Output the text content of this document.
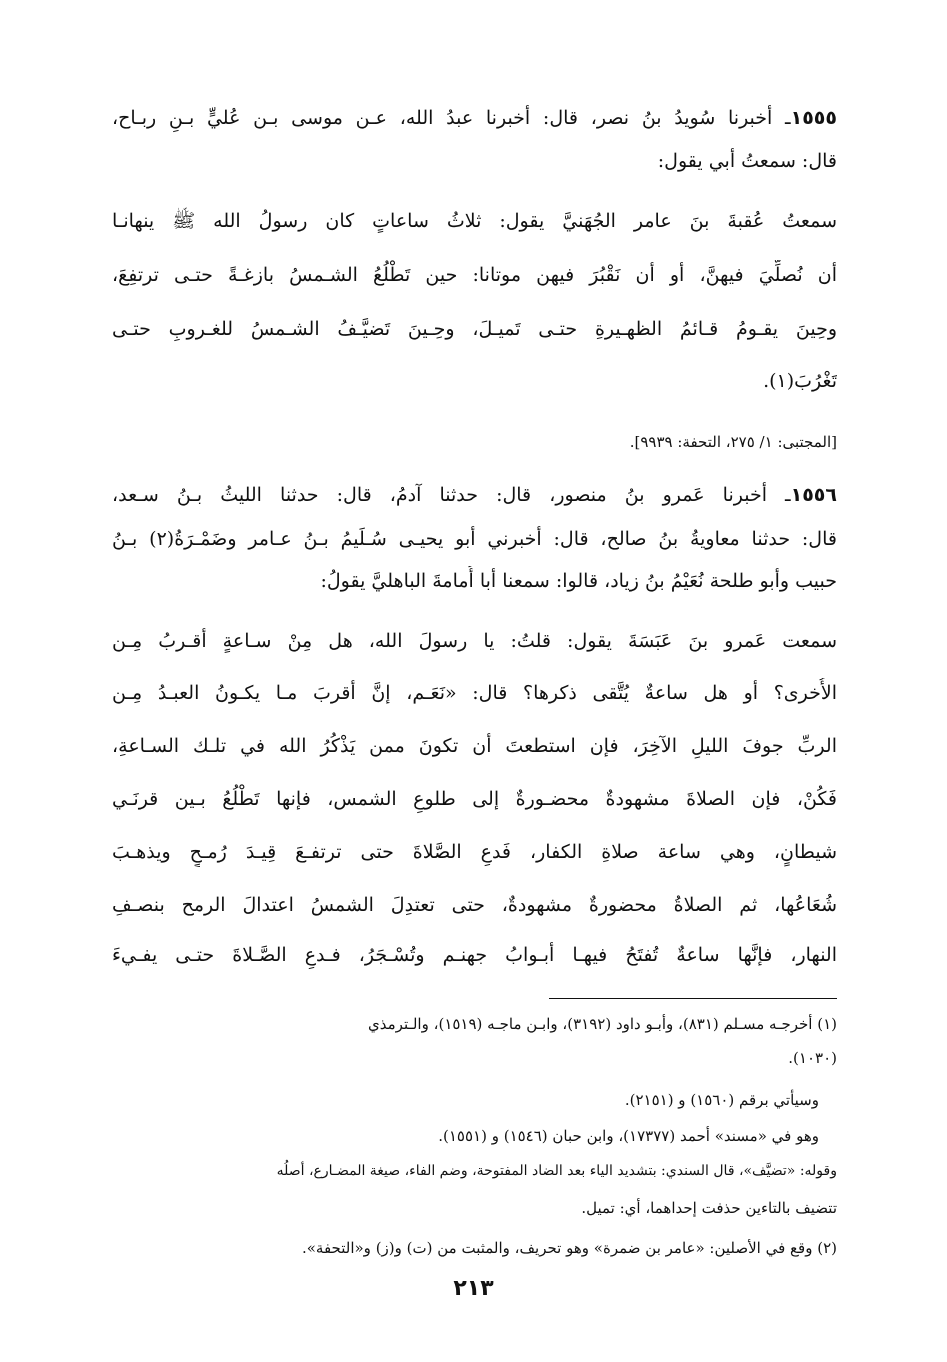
١٥٥٥ـ أخبرنا سُويدُ بنُ نصر، قال: أخبرنا عبدُ الله، عـن موسى بـن عُليٍّ بـنِ ربـاح،
قال: سمعتُ أبي يقول:
سمعتُ عُقبةَ بنَ عامر الجُهَنيَّ يقول: ثلاثُ ساعاتٍ كان رسولُ الله ﷺ ينهانـا
أن نُصلِّيَ فيهنَّ، أو أن نَقْبُرَ فيهن موتانا: حين تَطْلُعُ الشـمسُ بازغـةً حتـى ترتفِعَ،
وحِينَ يقـومُ قـائمُ الظهـيرةِ حتـى تَميـلَ، وحِـينَ تَضيَّـفُ الشـمسُ للغـروبِ حتـى
تَغْرُبَ(١).
[المجتبى: ١/ ٢٧٥، التحفة: ٩٩٣٩].
١٥٥٦ـ أخبرنا عَمرو بنُ منصور، قال: حدثنا آدمُ، قال: حدثنا الليثُ بـنُ سـعد،
قال: حدثنا معاويةُ بنُ صالح، قال: أخبرني أبو يحيـى سُـلَيمُ بـنُ عـامر وضَمْـرَةُ(٢) بـنُ
حبيب وأبو طلحة نُعَيْمُ بنُ زياد، قالوا: سمعنا أبا أُمامةَ الباهليَّ يقولُ:
سمعت عَمرو بنَ عَبَسَةَ يقول: قلتُ: يا رسولَ الله، هل مِنْ سـاعةٍ أقـربُ مِـن
الأُخرى؟ أو هل ساعةٌ يُتَّقى ذكرها؟ قال: «نَعَـم، إنَّ أقربَ مـا يكـونُ العبـدُ مِـن
الربِّ جوفَ الليلِ الآخِرَ، فإن استطعتَ أن تكونَ ممن يَذْكُرُ الله في تلـك السـاعةِ،
فَكُنْ، فإن الصلاةَ مشهودةٌ محضـورةٌ إلى طلوعِ الشمس، فإنها تَطْلُعُ بـين قرنَـي
شيطانٍ، وهي ساعة صلاةِ الكفار، فَدعِ الصَّلاةَ حتى ترتفـعَ قِيـدَ رُمـحٍ ويذهـبَ
شُعَاعُها، ثم الصلاةُ محضورةٌ مشهودةٌ، حتى تعتدِلَ الشمسُ اعتدالَ الرمح بنصـفِ
النهار، فإنَّها ساعةٌ تُفتَحُ فيهـا أبـوابُ جهنـم وتُسْـجَرُ، فـدعِ الصَّـلاةَ حتـى يفـيءَ
(١) أخرجـه مسـلم (٨٣١)، وأبـو داود (٣١٩٢)، وابـن ماجـه (١٥١٩)، والـترمذي
(١٠٣٠).
وسيأتي برقم (١٥٦٠) و (٢١٥١).
وهو في «مسند» أحمد (١٧٣٧٧)، وابن حبان (١٥٤٦) و (١٥٥١).
وقوله: «تضيَّف»، قال السندي: بتشديد الياء بعد الضاد المفتوحة، وضم الفاء، صيغة المضـارع، أصلُه
تتضيف بالتاءين حذفت إحداهما، أي: تميل.
(٢) وقع في الأصلين: «عامر بن ضمرة» وهو تحريف، والمثبت من (ت) و(ز) و«التحفة».
٢١٣
